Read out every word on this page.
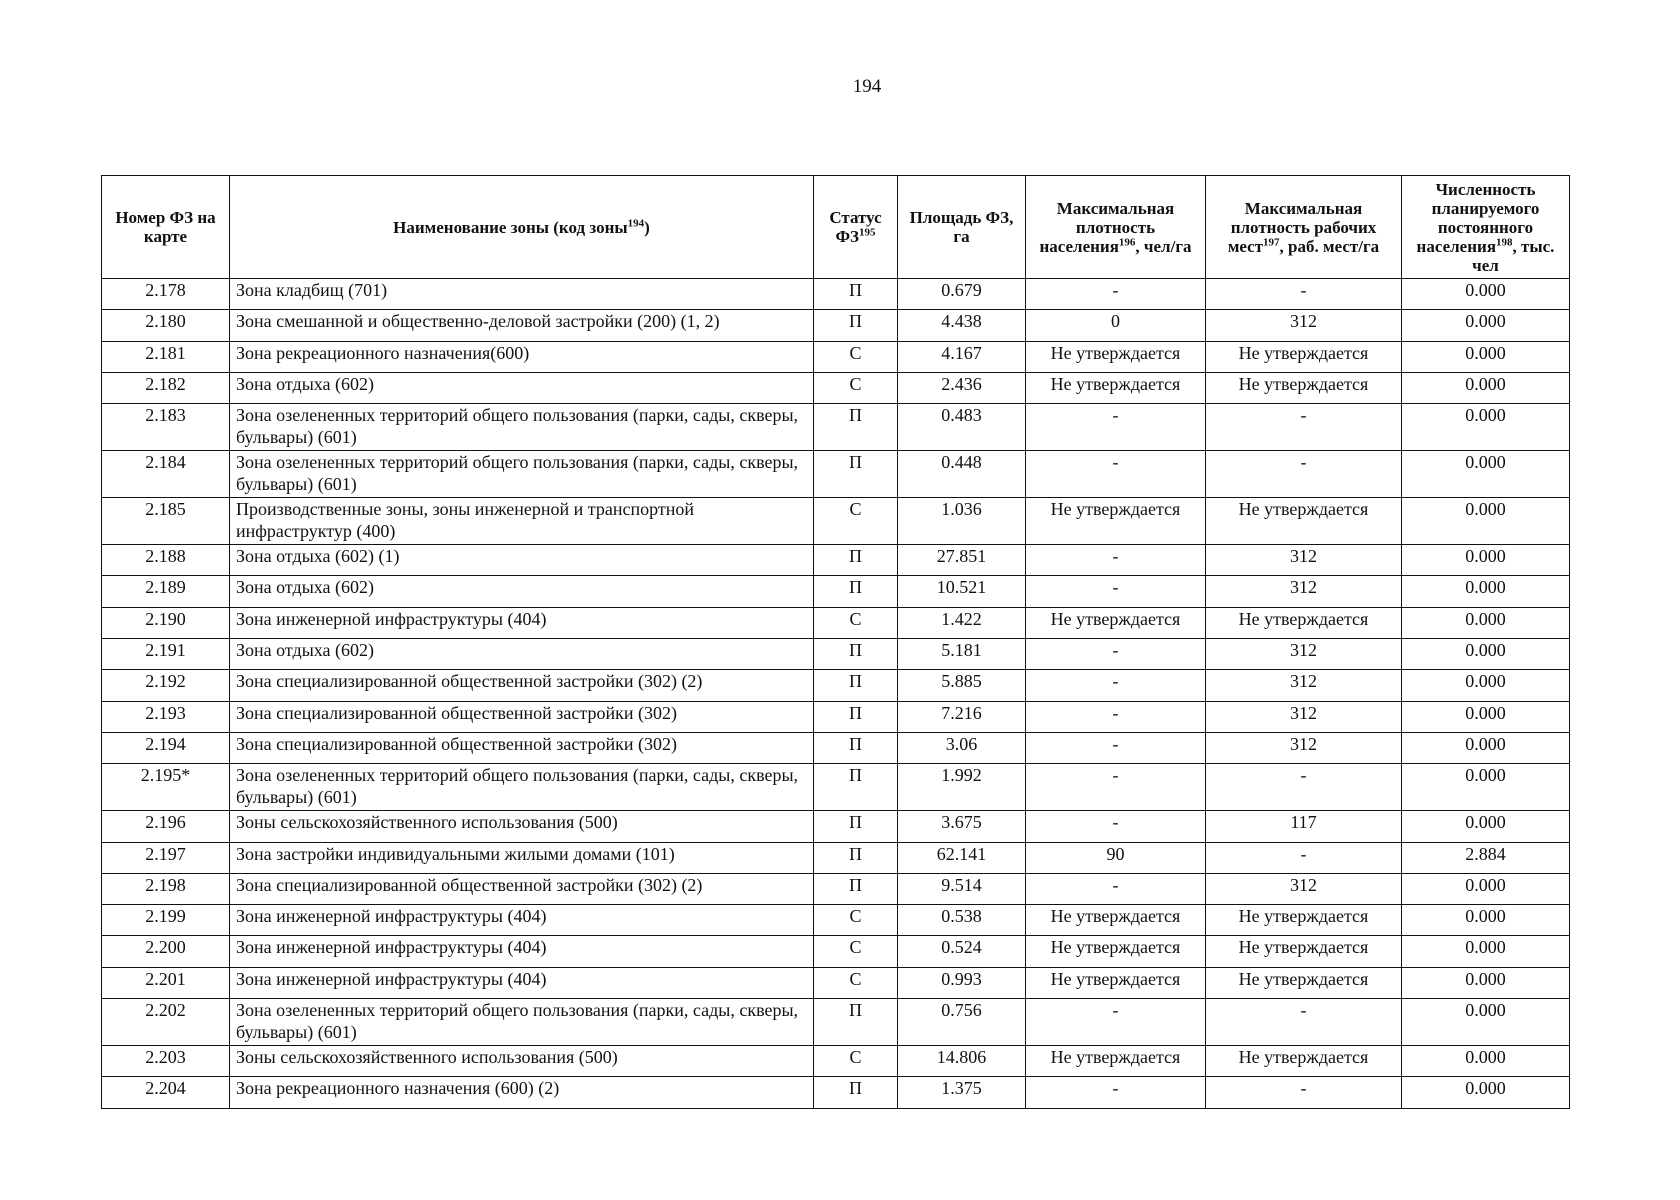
194
Номер ФЗ на карте	Наименование зоны (код зоны$^{194}$)	Статус ФЗ$^{195}$	Площадь ФЗ, га	Максимальная плотность населения$^{196}$, чел/га	Максимальная плотность рабочих мест$^{197}$, раб. мест/га	Численность планируемого постоянного населения$^{198}$, тыс. чел
2.178	Зона кладбищ (701)	П	0.679	-	-	0.000
2.180	Зона смешанной и общественно-деловой застройки (200) (1, 2)	П	4.438	0	312	0.000
2.181	Зона рекреационного назначения(600)	С	4.167	Не утверждается	Не утверждается	0.000
2.182	Зона отдыха (602)	С	2.436	Не утверждается	Не утверждается	0.000
2.183	Зона озелененных территорий общего пользования (парки, сады, скверы, бульвары) (601)	П	0.483	-	-	0.000
2.184	Зона озелененных территорий общего пользования (парки, сады, скверы, бульвары) (601)	П	0.448	-	-	0.000
2.185	Производственные зоны, зоны инженерной и транспортной инфраструктур (400)	С	1.036	Не утверждается	Не утверждается	0.000
2.188	Зона отдыха (602) (1)	П	27.851	-	312	0.000
2.189	Зона отдыха (602)	П	10.521	-	312	0.000
2.190	Зона инженерной инфраструктуры (404)	С	1.422	Не утверждается	Не утверждается	0.000
2.191	Зона отдыха (602)	П	5.181	-	312	0.000
2.192	Зона специализированной общественной застройки (302) (2)	П	5.885	-	312	0.000
2.193	Зона специализированной общественной застройки (302)	П	7.216	-	312	0.000
2.194	Зона специализированной общественной застройки (302)	П	3.06	-	312	0.000
2.195*	Зона озелененных территорий общего пользования (парки, сады, скверы, бульвары) (601)	П	1.992	-	-	0.000
2.196	Зоны сельскохозяйственного использования (500)	П	3.675	-	117	0.000
2.197	Зона застройки индивидуальными жилыми домами (101)	П	62.141	90	-	2.884
2.198	Зона специализированной общественной застройки (302) (2)	П	9.514	-	312	0.000
2.199	Зона инженерной инфраструктуры (404)	С	0.538	Не утверждается	Не утверждается	0.000
2.200	Зона инженерной инфраструктуры (404)	С	0.524	Не утверждается	Не утверждается	0.000
2.201	Зона инженерной инфраструктуры (404)	С	0.993	Не утверждается	Не утверждается	0.000
2.202	Зона озелененных территорий общего пользования (парки, сады, скверы, бульвары) (601)	П	0.756	-	-	0.000
2.203	Зоны сельскохозяйственного использования (500)	С	14.806	Не утверждается	Не утверждается	0.000
2.204	Зона рекреационного назначения (600) (2)	П	1.375	-	-	0.000
